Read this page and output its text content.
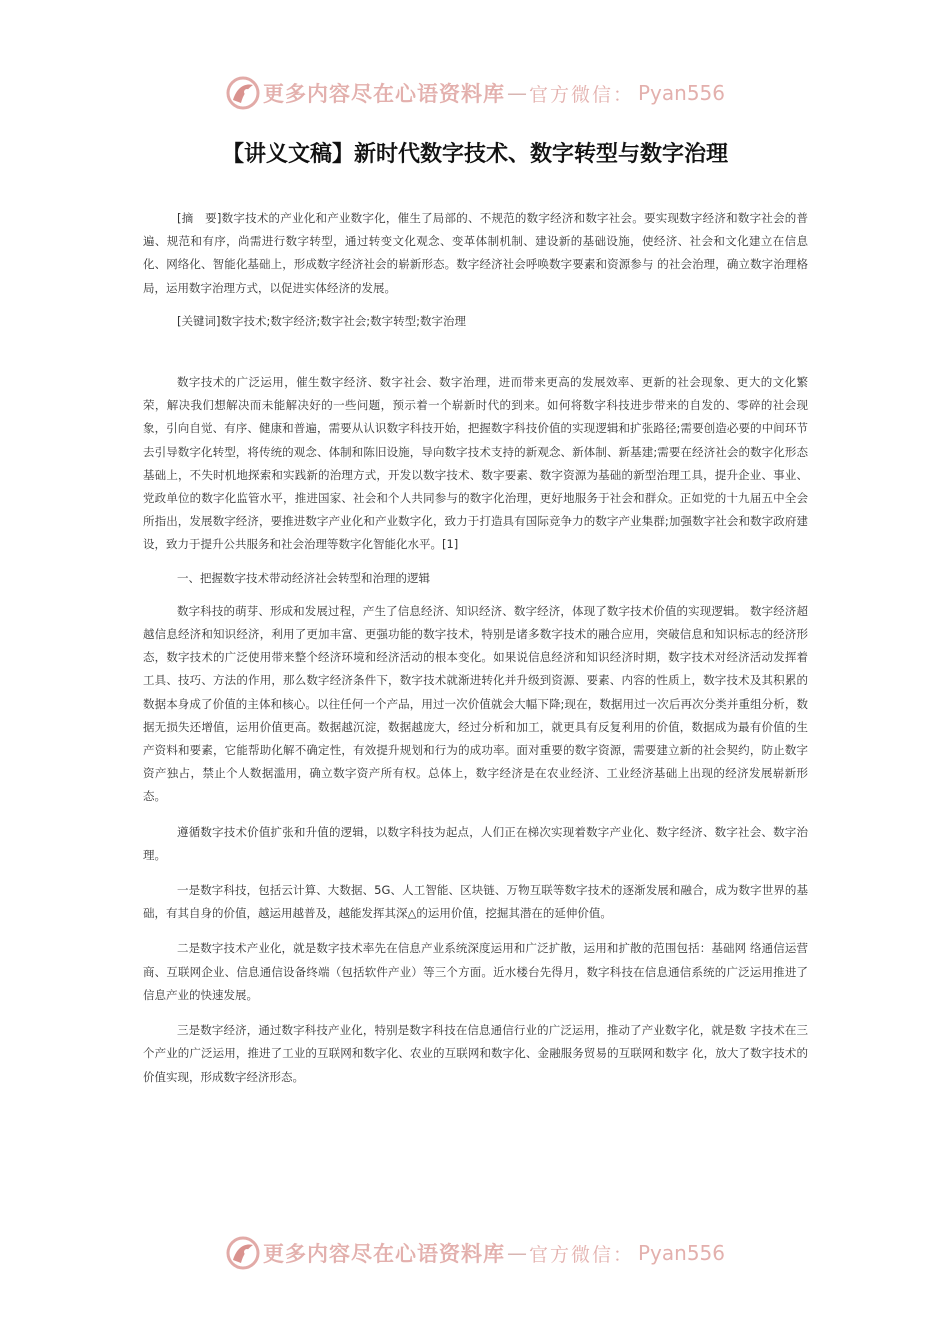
更多内容尽在心语资料库 — 官方微信： Pyan556
【讲义文稿】新时代数字技术、数字转型与数字治理

[摘　要]数字技术的产业化和产业数字化，催生了局部的、不规范的数字经济和数字社会。要实现数字经济和数字社会的普遍、规范和有序，尚需进行数字转型，通过转变文化观念、变革体制机制、建设新的基础设施，使经济、社会和文化建立在信息化、网络化、智能化基础上，形成数字经济社会的崭新形态。数字经济社会呼唤数字要素和资源参与 的社会治理，确立数字治理格局，运用数字治理方式，以促进实体经济的发展。

[关键词]数字技术;数字经济;数字社会;数字转型;数字治理

数字技术的广泛运用，催生数字经济、数字社会、数字治理，进而带来更高的发展效率、更新的社会现象、更大的文化繁荣，解决我们想解决而未能解决好的一些问题，预示着一个崭新时代的到来。如何将数字科技进步带来的自发的、零碎的社会现象，引向自觉、有序、健康和普遍，需要从认识数字科技开始，把握数字科技价值的实现逻辑和扩张路径;需要创造必要的中间环节去引导数字化转型，将传统的观念、体制和陈旧设施，导向数字技术支持的新观念、新体制、新基建;需要在经济社会的数字化形态基础上，不失时机地探索和实践新的治理方式，开发以数字技术、数字要素、数字资源为基础的新型治理工具，提升企业、事业、党政单位的数字化监管水平，推进国家、社会和个人共同参与的数字化治理，更好地服务于社会和群众。正如党的十九届五中全会所指出，发展数字经济，要推进数字产业化和产业数字化，致力于打造具有国际竞争力的数字产业集群;加强数字社会和数字政府建设，致力于提升公共服务和社会治理等数字化智能化水平。[1]

一、把握数字技术带动经济社会转型和治理的逻辑

数字科技的萌芽、形成和发展过程，产生了信息经济、知识经济、数字经济，体现了数字技术价值的实现逻辑。 数字经济超越信息经济和知识经济，利用了更加丰富、更强功能的数字技术，特别是诸多数字技术的融合应用，突破信息和知识标志的经济形态，数字技术的广泛使用带来整个经济环境和经济活动的根本变化。如果说信息经济和知识经济时期，数字技术对经济活动发挥着工具、技巧、方法的作用，那么数字经济条件下，数字技术就渐进转化并升级到资源、要素、内容的性质上，数字技术及其积累的数据本身成了价值的主体和核心。以往任何一个产品，用过一次价值就会大幅下降;现在，数据用过一次后再次分类并重组分析，数据无损失还增值，运用价值更高。数据越沉淀，数据越庞大，经过分析和加工，就更具有反复利用的价值，数据成为最有价值的生产资料和要素，它能帮助化解不确定性，有效提升规划和行为的成功率。面对重要的数字资源，需要建立新的社会契约，防止数字资产独占，禁止个人数据滥用，确立数字资产所有权。总体上，数字经济是在农业经济、工业经济基础上出现的经济发展崭新形态。

遵循数字技术价值扩张和升值的逻辑，以数字科技为起点，人们正在梯次实现着数字产业化、数字经济、数字社会、数字治理。

一是数字科技，包括云计算、大数据、5G、人工智能、区块链、万物互联等数字技术的逐渐发展和融合，成为数字世界的基础，有其自身的价值，越运用越普及，越能发挥其深△的运用价值，挖掘其潜在的延伸价值。

二是数字技术产业化，就是数字技术率先在信息产业系统深度运用和广泛扩散，运用和扩散的范围包括：基础网 络通信运营商、互联网企业、信息通信设备终端（包括软件产业）等三个方面。近水楼台先得月，数字科技在信息通信系统的广泛运用推进了信息产业的快速发展。

三是数字经济，通过数字科技产业化，特别是数字科技在信息通信行业的广泛运用，推动了产业数字化，就是数 字技术在三个产业的广泛运用，推进了工业的互联网和数字化、农业的互联网和数字化、金融服务贸易的互联网和数字 化，放大了数字技术的价值实现，形成数字经济形态。

更多内容尽在心语资料库 — 官方微信： Pyan556
